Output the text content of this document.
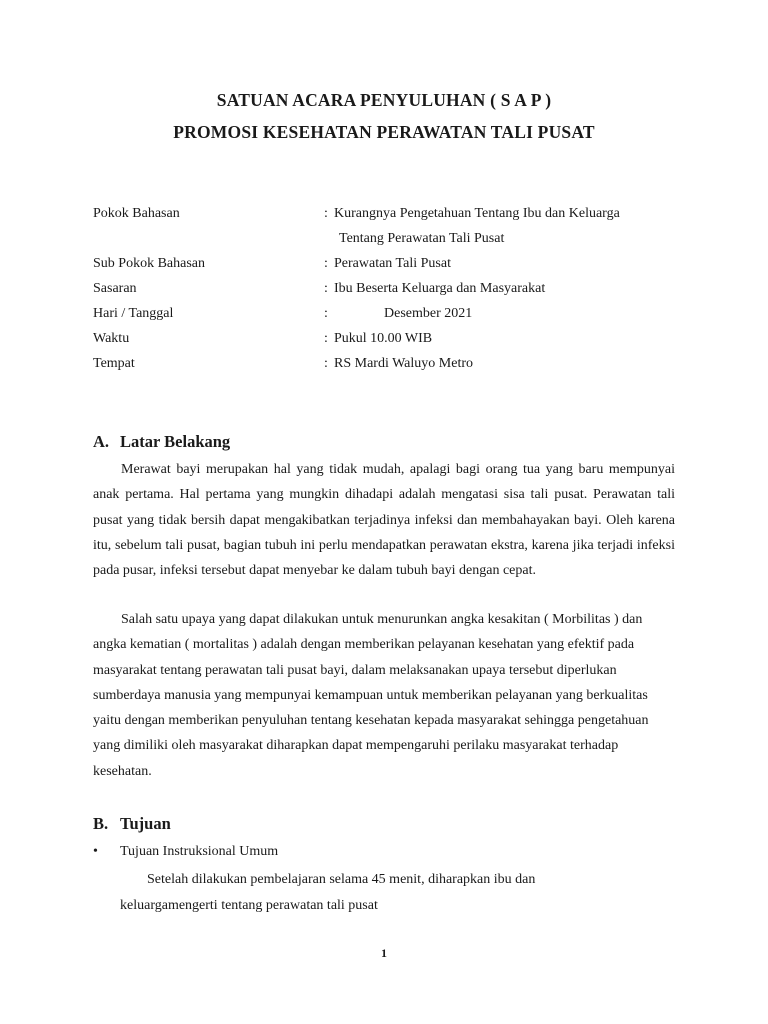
SATUAN ACARA PENYULUHAN ( S A P )
PROMOSI KESEHATAN PERAWATAN TALI PUSAT
Pokok Bahasan	: Kurangnya Pengetahuan Tentang Ibu dan Keluarga
Tentang Perawatan Tali Pusat
Sub Pokok Bahasan	: Perawatan Tali Pusat
Sasaran	: Ibu Beserta Keluarga dan Masyarakat
Hari / Tanggal	:	Desember 2021
Waktu	: Pukul 10.00 WIB
Tempat	: RS Mardi Waluyo Metro
A. Latar Belakang

Merawat bayi merupakan hal yang tidak mudah, apalagi bagi orang tua yang baru mempunyai anak pertama. Hal pertama yang mungkin dihadapi adalah mengatasi sisa tali pusat. Perawatan tali pusat yang tidak bersih dapat mengakibatkan terjadinya infeksi dan membahayakan bayi. Oleh karena itu, sebelum tali pusat, bagian tubuh ini perlu mendapatkan perawatan ekstra, karena jika terjadi infeksi pada pusar, infeksi tersebut dapat menyebar ke dalam tubuh bayi dengan cepat.

Salah satu upaya yang dapat dilakukan untuk menurunkan angka kesakitan ( Morbilitas ) dan angka kematian ( mortalitas ) adalah dengan memberikan pelayanan kesehatan yang efektif pada masyarakat tentang perawatan tali pusat bayi, dalam melaksanakan upaya tersebut diperlukan sumberdaya manusia yang mempunyai kemampuan untuk memberikan pelayanan yang berkualitas yaitu dengan memberikan penyuluhan tentang kesehatan kepada masyarakat sehingga pengetahuan yang dimiliki oleh masyarakat diharapkan dapat mempengaruhi perilaku masyarakat terhadap kesehatan.

B. Tujuan
• Tujuan Instruksional Umum

Setelah dilakukan pembelajaran selama 45 menit, diharapkan ibu dan keluargamengerti tentang perawatan tali pusat

1
